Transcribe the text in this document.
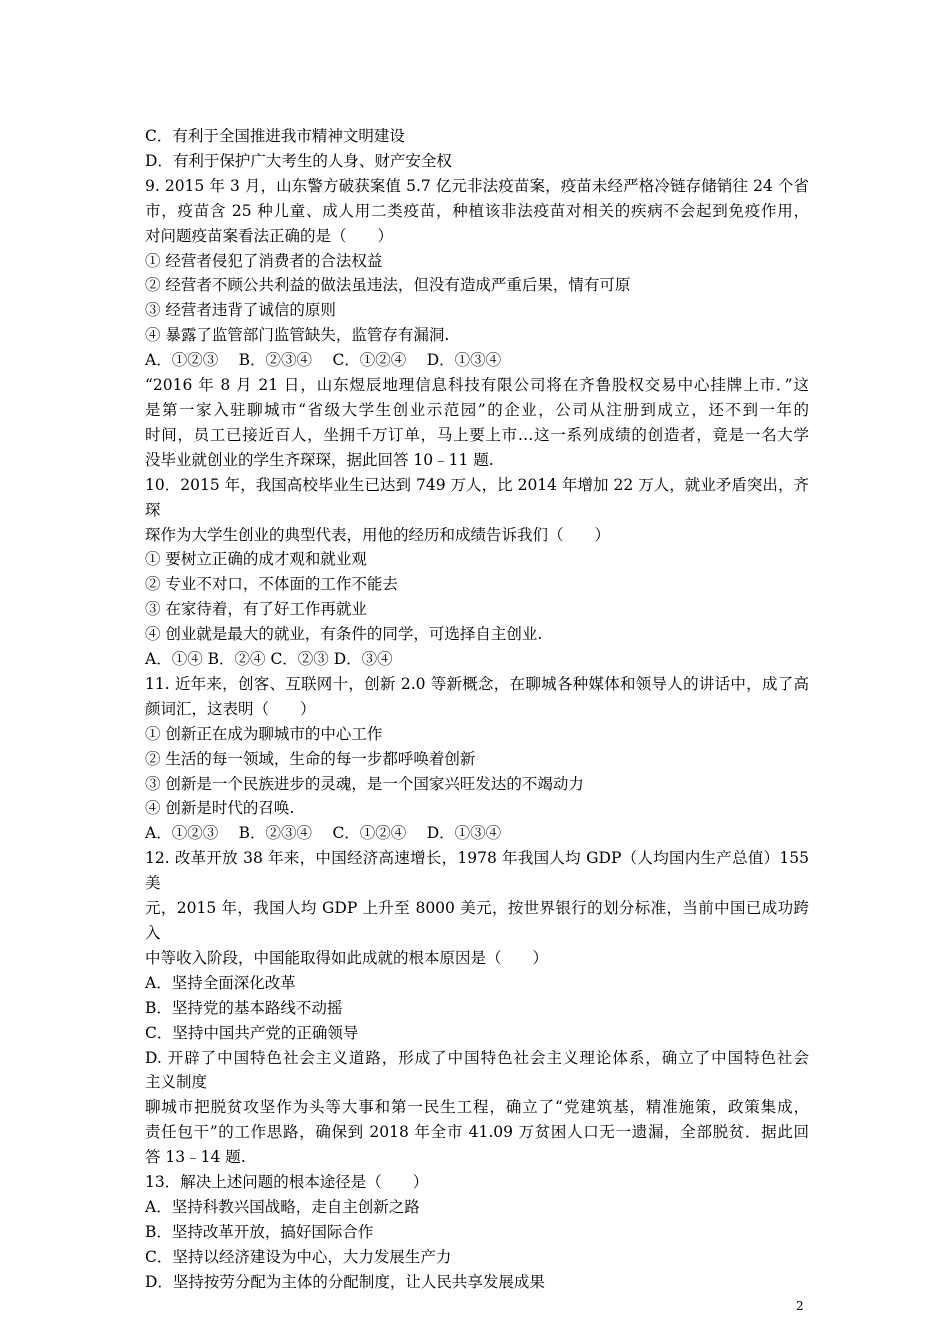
C．有利于全国推进我市精神文明建设
D．有利于保护广大考生的人身、财产安全权
9. 2015 年 3 月，山东警方破获案值 5.7 亿元非法疫苗案，疫苗未经严格冷链存储销往 24 个省
市，疫苗含 25 种儿童、成人用二类疫苗，种植该非法疫苗对相关的疾病不会起到免疫作用，
对问题疫苗案看法正确的是（　　）
① 经营者侵犯了消费者的合法权益
② 经营者不顾公共利益的做法虽违法，但没有造成严重后果，情有可原
③ 经营者违背了诚信的原则
④ 暴露了监管部门监管缺失，监管存有漏洞.
A．①②③　 B．②③④　 C．①②④　 D．①③④
“2016 年 8 月 21 日，山东煜辰地理信息科技有限公司将在齐鲁股权交易中心挂牌上市．”这
是第一家入驻聊城市“省级大学生创业示范园”的企业，公司从注册到成立，还不到一年的
时间，员工已接近百人，坐拥千万订单，马上要上市…这一系列成绩的创造者，竟是一名大学
没毕业就创业的学生齐琛琛，据此回答 10﹣11 题.
10．2015 年，我国高校毕业生已达到 749 万人，比 2014 年增加 22 万人，就业矛盾突出，齐琛
琛作为大学生创业的典型代表，用他的经历和成绩告诉我们（　　）
① 要树立正确的成才观和就业观
② 专业不对口，不体面的工作不能去
③ 在家待着，有了好工作再就业
④ 创业就是最大的就业，有条件的同学，可选择自主创业.
A．①④ B．②④ C．②③ D．③④
11. 近年来，创客、互联网十，创新 2.0 等新概念，在聊城各种媒体和领导人的讲话中，成了高
颜词汇，这表明（　　）
① 创新正在成为聊城市的中心工作
② 生活的每一领域，生命的每一步都呼唤着创新
③ 创新是一个民族进步的灵魂，是一个国家兴旺发达的不竭动力
④ 创新是时代的召唤.
A．①②③　 B．②③④　 C．①②④　 D．①③④
12. 改革开放 38 年来，中国经济高速增长，1978 年我国人均 GDP（人均国内生产总值）155 美
元，2015 年，我国人均 GDP 上升至 8000 美元，按世界银行的划分标准，当前中国已成功跨入
中等收入阶段，中国能取得如此成就的根本原因是（　　）
A．坚持全面深化改革
B．坚持党的基本路线不动摇
C．坚持中国共产党的正确领导
D. 开辟了中国特色社会主义道路，形成了中国特色社会主义理论体系，确立了中国特色社会
主义制度
聊城市把脱贫攻坚作为头等大事和第一民生工程，确立了“党建筑基，精准施策，政策集成，
责任包干”的工作思路，确保到 2018 年全市 41.09 万贫困人口无一遗漏，全部脱贫．据此回
答 13﹣14 题.
13．解决上述问题的根本途径是（　　）
A．坚持科教兴国战略，走自主创新之路
B．坚持改革开放，搞好国际合作
C．坚持以经济建设为中心，大力发展生产力
D．坚持按劳分配为主体的分配制度，让人民共享发展成果
2
